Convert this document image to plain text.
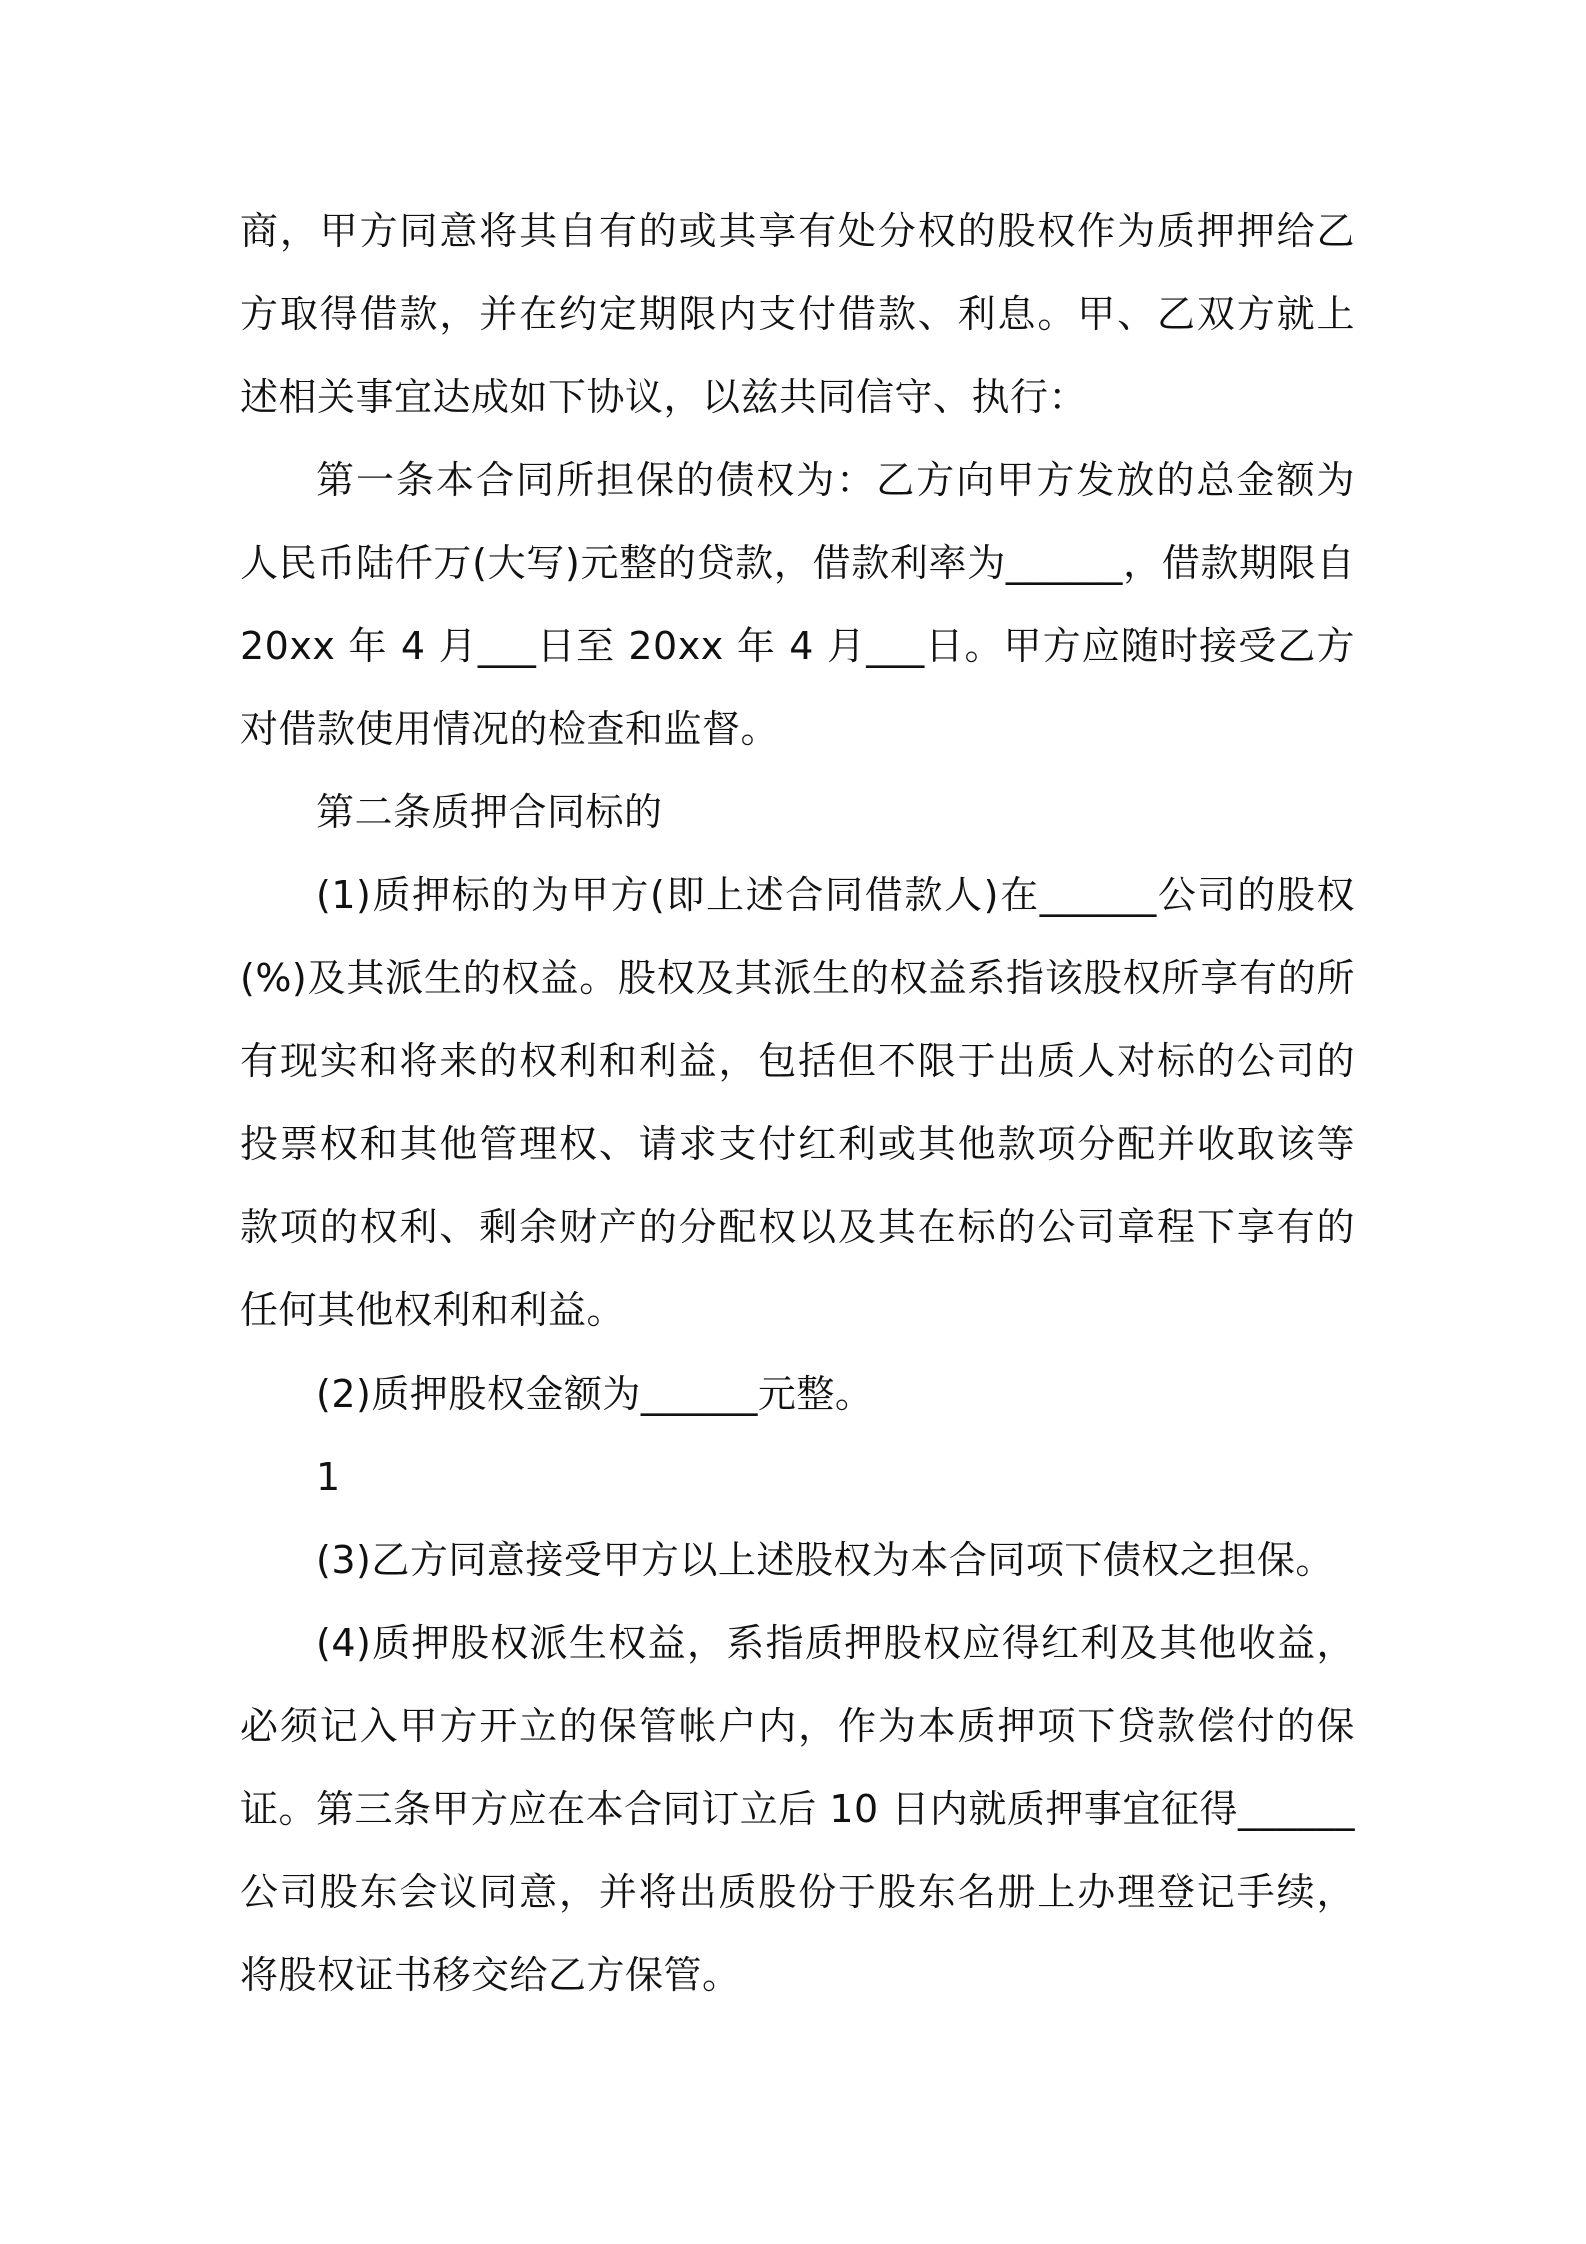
商，甲方同意将其自有的或其享有处分权的股权作为质押押给乙方取得借款，并在约定期限内支付借款、利息。甲、乙双方就上述相关事宜达成如下协议，以兹共同信守、执行：

第一条本合同所担保的债权为：乙方向甲方发放的总金额为人民币陆仟万(大写)元整的贷款，借款利率为______，借款期限自 20xx 年 4 月___日至 20xx 年 4 月___日。甲方应随时接受乙方对借款使用情况的检查和监督。

第二条质押合同标的

(1)质押标的为甲方(即上述合同借款人)在______公司的股权(%)及其派生的权益。股权及其派生的权益系指该股权所享有的所有现实和将来的权利和利益，包括但不限于出质人对标的公司的投票权和其他管理权、请求支付红利或其他款项分配并收取该等款项的权利、剩余财产的分配权以及其在标的公司章程下享有的任何其他权利和利益。

(2)质押股权金额为______元整。

1

(3)乙方同意接受甲方以上述股权为本合同项下债权之担保。

(4)质押股权派生权益，系指质押股权应得红利及其他收益，必须记入甲方开立的保管帐户内，作为本质押项下贷款偿付的保证。

第三条甲方应在本合同订立后 10 日内就质押事宜征得______公司股东会议同意，并将出质股份于股东名册上办理登记手续，将股权证书移交给乙方保管。
